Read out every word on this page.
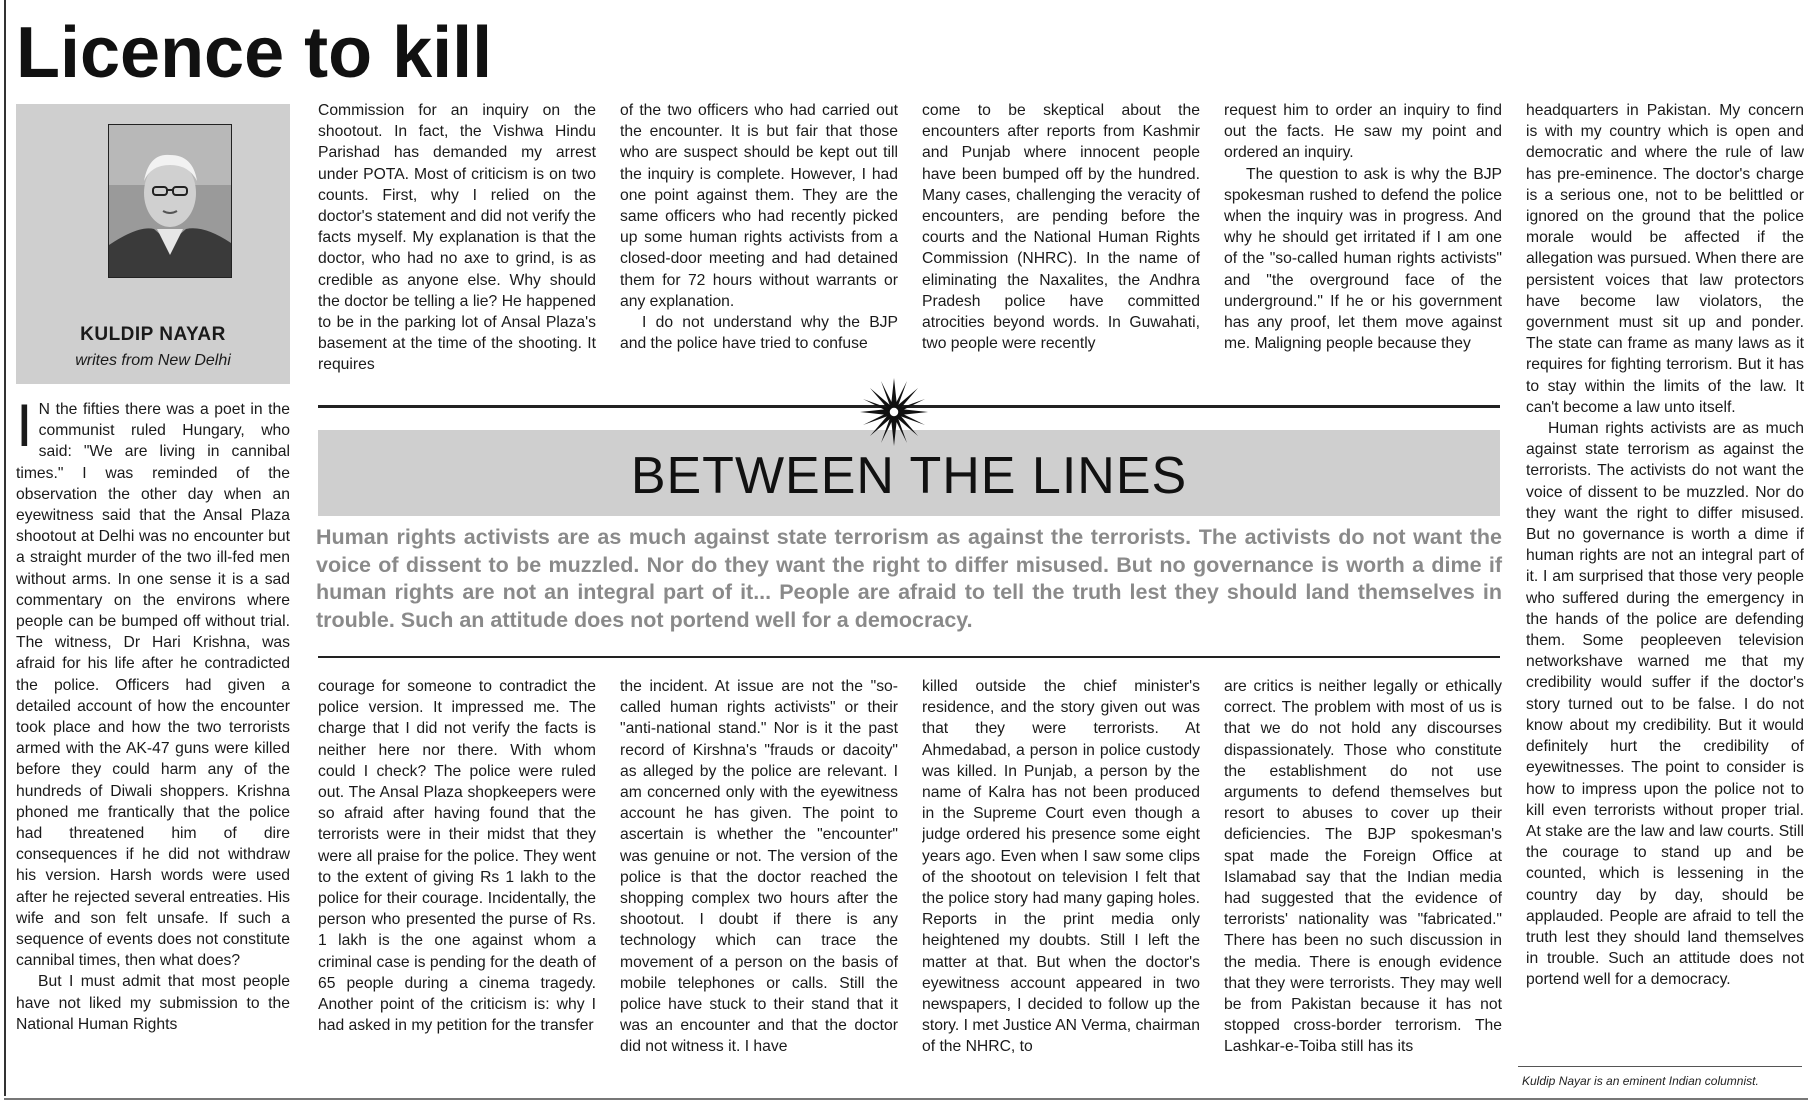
Licence to kill
KULDIP NAYAR
writes from New Delhi

I N the fifties there was a poet in the communist ruled Hungary, who said: "We are living in cannibal times." I was reminded of the observation the other day when an eyewitness said that the Ansal Plaza shootout at Delhi was no encounter but a straight murder of the two ill-fed men without arms. In one sense it is a sad commentary on the environs where people can be bumped off without trial. The witness, Dr Hari Krishna, was afraid for his life after he contradicted the police. Officers had given a detailed account of how the encounter took place and how the two terrorists armed with the AK-47 guns were killed before they could harm any of the hundreds of Diwali shoppers. Krishna phoned me frantically that the police had threatened him of dire consequences if he did not withdraw his version. Harsh words were used after he rejected several entreaties. His wife and son felt unsafe. If such a sequence of events does not constitute cannibal times, then what does?

But I must admit that most people have not liked my submission to the National Human Rights

Commission for an inquiry on the shootout. In fact, the Vishwa Hindu Parishad has demanded my arrest under POTA. Most of criticism is on two counts. First, why I relied on the doctor's statement and did not verify the facts myself. My explanation is that the doctor, who had no axe to grind, is as credible as anyone else. Why should the doctor be telling a lie? He happened to be in the parking lot of Ansal Plaza's basement at the time of the shooting. It requires

of the two officers who had carried out the encounter. It is but fair that those who are suspect should be kept out till the inquiry is complete. However, I had one point against them. They are the same officers who had recently picked up some human rights activists from a closed-door meeting and had detained them for 72 hours without warrants or any explanation.

I do not understand why the BJP and the police have tried to confuse

come to be skeptical about the encounters after reports from Kashmir and Punjab where innocent people have been bumped off by the hundred. Many cases, challenging the veracity of encounters, are pending before the courts and the National Human Rights Commission (NHRC). In the name of eliminating the Naxalites, the Andhra Pradesh police have committed atrocities beyond words. In Guwahati, two people were recently

request him to order an inquiry to find out the facts. He saw my point and ordered an inquiry.

The question to ask is why the BJP spokesman rushed to defend the police when the inquiry was in progress. And why he should get irritated if I am one of the "so-called human rights activists" and "the overground face of the underground." If he or his government has any proof, let them move against me. Maligning people because they

headquarters in Pakistan. My concern is with my country which is open and democratic and where the rule of law has pre-eminence. The doctor's charge is a serious one, not to be belittled or ignored on the ground that the police morale would be affected if the allegation was pursued. When there are persistent voices that law protectors have become law violators, the government must sit up and ponder. The state can frame as many laws as it requires for fighting terrorism. But it has to stay within the limits of the law. It can't become a law unto itself.

Human rights activists are as much against state terrorism as against the terrorists. The activists do not want the voice of dissent to be muzzled. Nor do they want the right to differ misused. But no governance is worth a dime if human rights are not an integral part of it. I am surprised that those very people who suffered during the emergency in the hands of the police are defending them. Some peopleeven television networkshave warned me that my credibility would suffer if the doctor's story turned out to be false. I do not know about my credibility. But it would definitely hurt the credibility of eyewitnesses. The point to consider is how to impress upon the police not to kill even terrorists without proper trial. At stake are the law and law courts. Still the courage to stand up and be counted, which is lessening in the country day by day, should be applauded. People are afraid to tell the truth lest they should land themselves in trouble. Such an attitude does not portend well for a democracy.

BETWEEN THE LINES
Human rights activists are as much against state terrorism as against the terrorists. The activists do not want the voice of dissent to be muzzled. Nor do they want the right to differ misused. But no governance is worth a dime if human rights are not an integral part of it... People are afraid to tell the truth lest they should land themselves in trouble. Such an attitude does not portend well for a democracy.

courage for someone to contradict the police version. It impressed me. The charge that I did not verify the facts is neither here nor there. With whom could I check? The police were ruled out. The Ansal Plaza shopkeepers were so afraid after having found that the terrorists were in their midst that they were all praise for the police. They went to the extent of giving Rs 1 lakh to the police for their courage. Incidentally, the person who presented the purse of Rs. 1 lakh is the one against whom a criminal case is pending for the death of 65 people during a cinema tragedy. Another point of the criticism is: why I had asked in my petition for the transfer

the incident. At issue are not the "so-called human rights activists" or their "anti-national stand." Nor is it the past record of Kirshna's "frauds or dacoity" as alleged by the police are relevant. I am concerned only with the eyewitness account he has given. The point to ascertain is whether the "encounter" was genuine or not. The version of the police is that the doctor reached the shopping complex two hours after the shootout. I doubt if there is any technology which can trace the movement of a person on the basis of mobile telephones or calls. Still the police have stuck to their stand that it was an encounter and that the doctor did not witness it. I have

killed outside the chief minister's residence, and the story given out was that they were terrorists. At Ahmedabad, a person in police custody was killed. In Punjab, a person by the name of Kalra has not been produced in the Supreme Court even though a judge ordered his presence some eight years ago. Even when I saw some clips of the shootout on television I felt that the police story had many gaping holes. Reports in the print media only heightened my doubts. Still I left the matter at that. But when the doctor's eyewitness account appeared in two newspapers, I decided to follow up the story. I met Justice AN Verma, chairman of the NHRC, to

are critics is neither legally or ethically correct. The problem with most of us is that we do not hold any discourses dispassionately. Those who constitute the establishment do not use arguments to defend themselves but resort to abuses to cover up their deficiencies. The BJP spokesman's spat made the Foreign Office at Islamabad say that the Indian media had suggested that the evidence of terrorists' nationality was "fabricated." There has been no such discussion in the media. There is enough evidence that they were terrorists. They may well be from Pakistan because it has not stopped cross-border terrorism. The Lashkar-e-Toiba still has its

Kuldip Nayar is an eminent Indian columnist.
